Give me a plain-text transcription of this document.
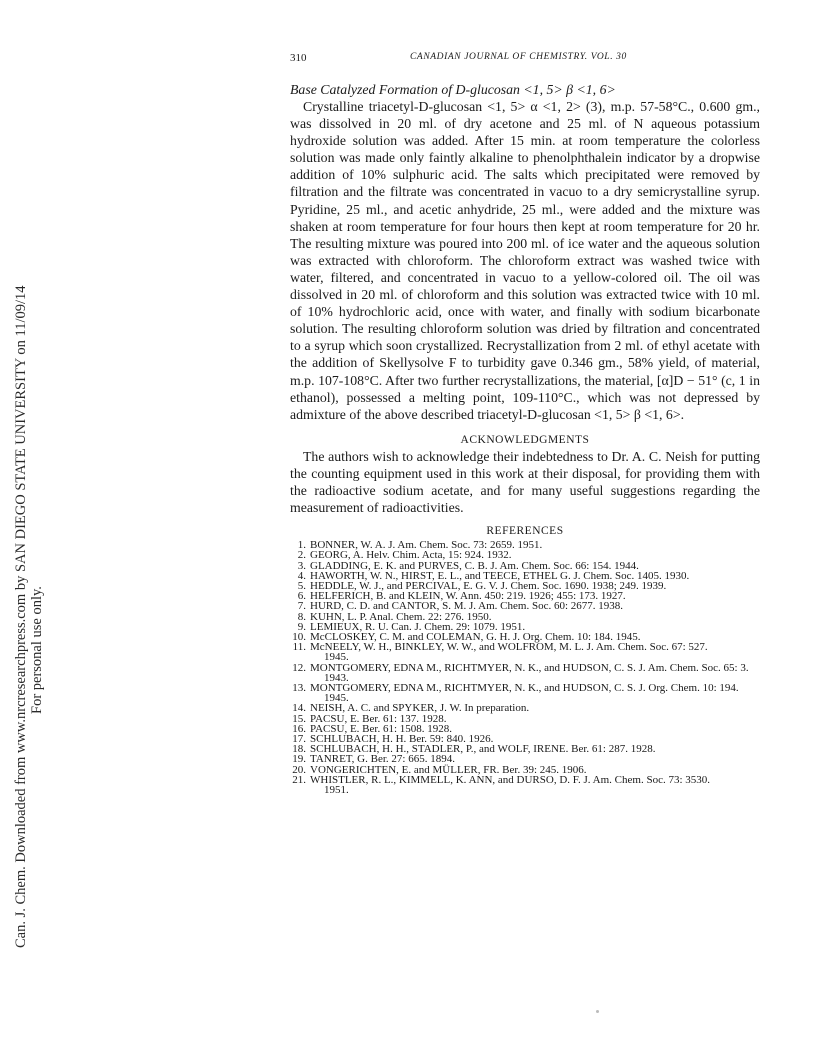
Can. J. Chem. Downloaded from www.nrcresearchpress.com by SAN DIEGO STATE UNIVERSITY on 11/09/14 For personal use only.
310	CANADIAN JOURNAL OF CHEMISTRY. VOL. 30
Base Catalyzed Formation of D-glucosan <1, 5> β <1, 6>

Crystalline triacetyl-D-glucosan <1, 5> α <1, 2> (3), m.p. 57-58°C., 0.600 gm., was dissolved in 20 ml. of dry acetone and 25 ml. of N aqueous potassium hydroxide solution was added. After 15 min. at room temperature the colorless solution was made only faintly alkaline to phenolphthalein indicator by a dropwise addition of 10% sulphuric acid. The salts which precipitated were removed by filtration and the filtrate was concentrated in vacuo to a dry semicrystalline syrup. Pyridine, 25 ml., and acetic anhydride, 25 ml., were added and the mixture was shaken at room temperature for four hours then kept at room temperature for 20 hr. The resulting mixture was poured into 200 ml. of ice water and the aqueous solution was extracted with chloroform. The chloroform extract was washed twice with water, filtered, and concentrated in vacuo to a yellow-colored oil. The oil was dissolved in 20 ml. of chloroform and this solution was extracted twice with 10 ml. of 10% hydrochloric acid, once with water, and finally with sodium bicarbonate solution. The resulting chloroform solution was dried by filtration and concentrated to a syrup which soon crystallized. Recrystallization from 2 ml. of ethyl acetate with the addition of Skellysolve F to turbidity gave 0.346 gm., 58% yield, of material, m.p. 107-108°C. After two further recrystallizations, the material, [α]D − 51° (c, 1 in ethanol), possessed a melting point, 109-110°C., which was not depressed by admixture of the above described triacetyl-D-glucosan <1, 5> β <1, 6>.

ACKNOWLEDGMENTS

The authors wish to acknowledge their indebtedness to Dr. A. C. Neish for putting the counting equipment used in this work at their disposal, for providing them with the radioactive sodium acetate, and for many useful suggestions regarding the measurement of radioactivities.

REFERENCES
1. BONNER, W. A. J. Am. Chem. Soc. 73: 2659. 1951.
2. GEORG, A. Helv. Chim. Acta, 15: 924. 1932.
3. GLADDING, E. K. and PURVES, C. B. J. Am. Chem. Soc. 66: 154. 1944.
4. HAWORTH, W. N., HIRST, E. L., and TEECE, ETHEL G. J. Chem. Soc. 1405. 1930.
5. HEDDLE, W. J., and PERCIVAL, E. G. V. J. Chem. Soc. 1690. 1938; 249. 1939.
6. HELFERICH, B. and KLEIN, W. Ann. 450: 219. 1926; 455: 173. 1927.
7. HURD, C. D. and CANTOR, S. M. J. Am. Chem. Soc. 60: 2677. 1938.
8. KUHN, L. P. Anal. Chem. 22: 276. 1950.
9. LEMIEUX, R. U. Can. J. Chem. 29: 1079. 1951.
10. McCLOSKEY, C. M. and COLEMAN, G. H. J. Org. Chem. 10: 184. 1945.
11. McNEELY, W. H., BINKLEY, W. W., and WOLFROM, M. L. J. Am. Chem. Soc. 67: 527.
1945.
12. MONTGOMERY, EDNA M., RICHTMYER, N. K., and HUDSON, C. S. J. Am. Chem. Soc. 65: 3.
1943.
13. MONTGOMERY, EDNA M., RICHTMYER, N. K., and HUDSON, C. S. J. Org. Chem. 10: 194.
1945.
14. NEISH, A. C. and SPYKER, J. W. In preparation.
15. PACSU, E. Ber. 61: 137. 1928.
16. PACSU, E. Ber. 61: 1508. 1928.
17. SCHLUBACH, H. H. Ber. 59: 840. 1926.
18. SCHLUBACH, H. H., STADLER, P., and WOLF, IRENE. Ber. 61: 287. 1928.
19. TANRET, G. Ber. 27: 665. 1894.
20. VONGERICHTEN, E. and MÜLLER, FR. Ber. 39: 245. 1906.
21. WHISTLER, R. L., KIMMELL, K. ANN, and DURSO, D. F. J. Am. Chem. Soc. 73: 3530.
1951.
